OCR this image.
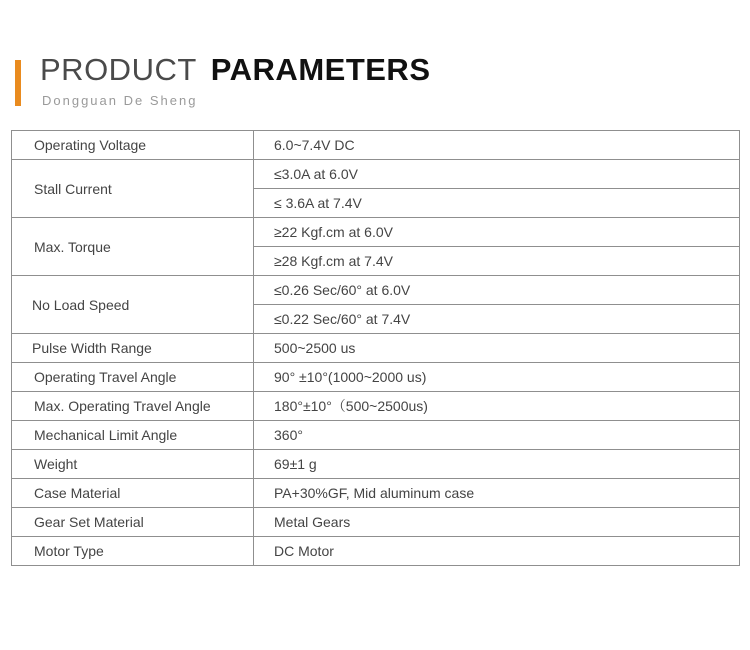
PRODUCT PARAMETERS
Dongguan De Sheng
Operating Voltage	6.0~7.4V DC
Stall Current	≤3.0A at 6.0V
	≤ 3.6A at 7.4V
Max. Torque	≥22 Kgf.cm at 6.0V
	≥28 Kgf.cm at 7.4V
No Load Speed	≤0.26 Sec/60° at 6.0V
	≤0.22 Sec/60° at 7.4V
Pulse Width Range	500~2500 us
Operating Travel Angle	90° ±10°(1000~2000 us)
Max. Operating Travel Angle	180°±10°（500~2500us)
Mechanical Limit Angle	360°
Weight	69±1 g
Case Material	PA+30%GF, Mid aluminum case
Gear Set Material	Metal Gears
Motor Type	DC Motor
